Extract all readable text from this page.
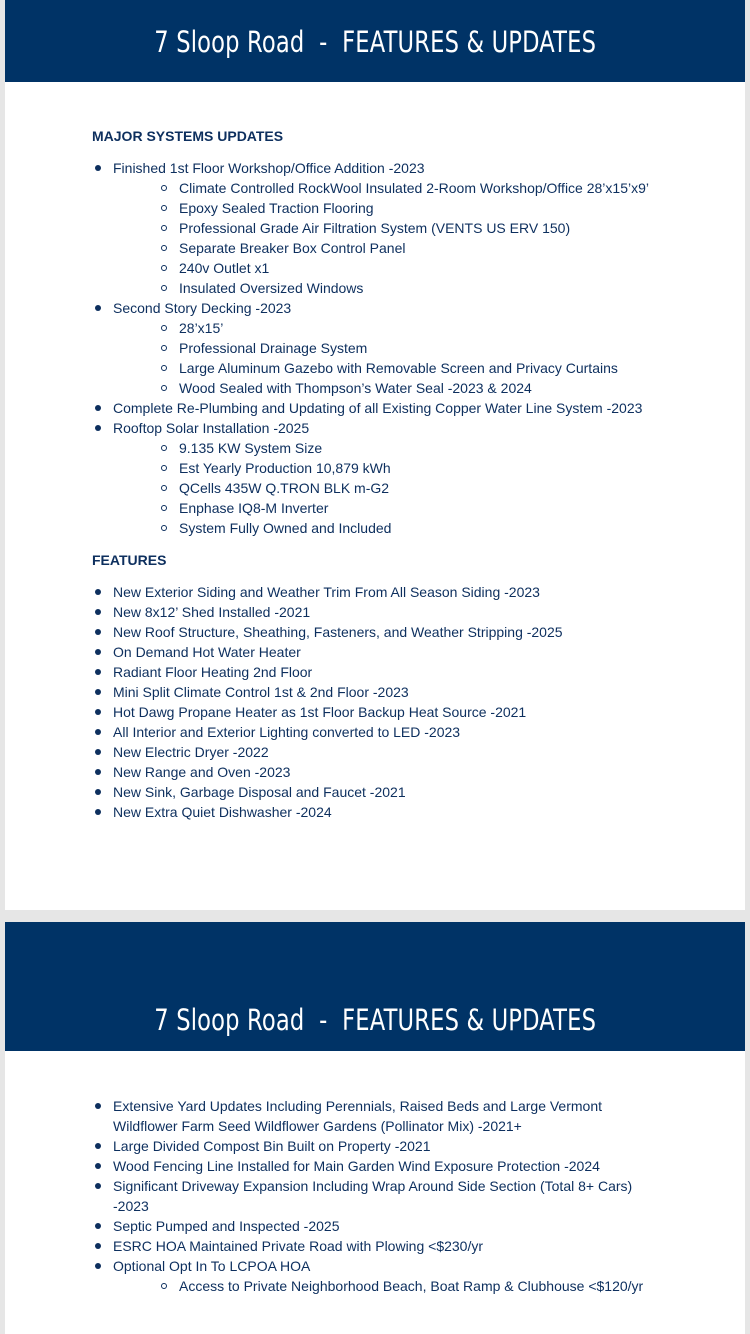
7 Sloop Road  -  FEATURES & UPDATES
MAJOR SYSTEMS UPDATES
Finished 1st Floor Workshop/Office Addition -2023
Climate Controlled RockWool Insulated 2-Room Workshop/Office 28’x15’x9’
Epoxy Sealed Traction Flooring
Professional Grade Air Filtration System (VENTS US ERV 150)
Separate Breaker Box Control Panel
240v Outlet x1
Insulated Oversized Windows
Second Story Decking -2023
28’x15’
Professional Drainage System
Large Aluminum Gazebo with Removable Screen and Privacy Curtains
Wood Sealed with Thompson’s Water Seal -2023 & 2024
Complete Re-Plumbing and Updating of all Existing Copper Water Line System -2023
Rooftop Solar Installation -2025
9.135 KW System Size
Est Yearly Production 10,879 kWh
QCells 435W Q.TRON BLK m-G2
Enphase IQ8-M Inverter
System Fully Owned and Included
FEATURES
New Exterior Siding and Weather Trim From All Season Siding -2023
New 8x12’ Shed Installed -2021
New Roof Structure, Sheathing, Fasteners, and Weather Stripping -2025
On Demand Hot Water Heater
Radiant Floor Heating 2nd Floor
Mini Split Climate Control 1st & 2nd Floor -2023
Hot Dawg Propane Heater as 1st Floor Backup Heat Source -2021
All Interior and Exterior Lighting converted to LED -2023
New Electric Dryer -2022
New Range and Oven -2023
New Sink, Garbage Disposal and Faucet -2021
New Extra Quiet Dishwasher -2024
7 Sloop Road  -  FEATURES & UPDATES
Extensive Yard Updates Including Perennials, Raised Beds and Large Vermont Wildflower Farm Seed Wildflower Gardens (Pollinator Mix) -2021+
Large Divided Compost Bin Built on Property -2021
Wood Fencing Line Installed for Main Garden Wind Exposure Protection -2024
Significant Driveway Expansion Including Wrap Around Side Section (Total 8+ Cars) -2023
Septic Pumped and Inspected -2025
ESRC HOA Maintained Private Road with Plowing <$230/yr
Optional Opt In To LCPOA HOA
Access to Private Neighborhood Beach, Boat Ramp & Clubhouse <$120/yr
